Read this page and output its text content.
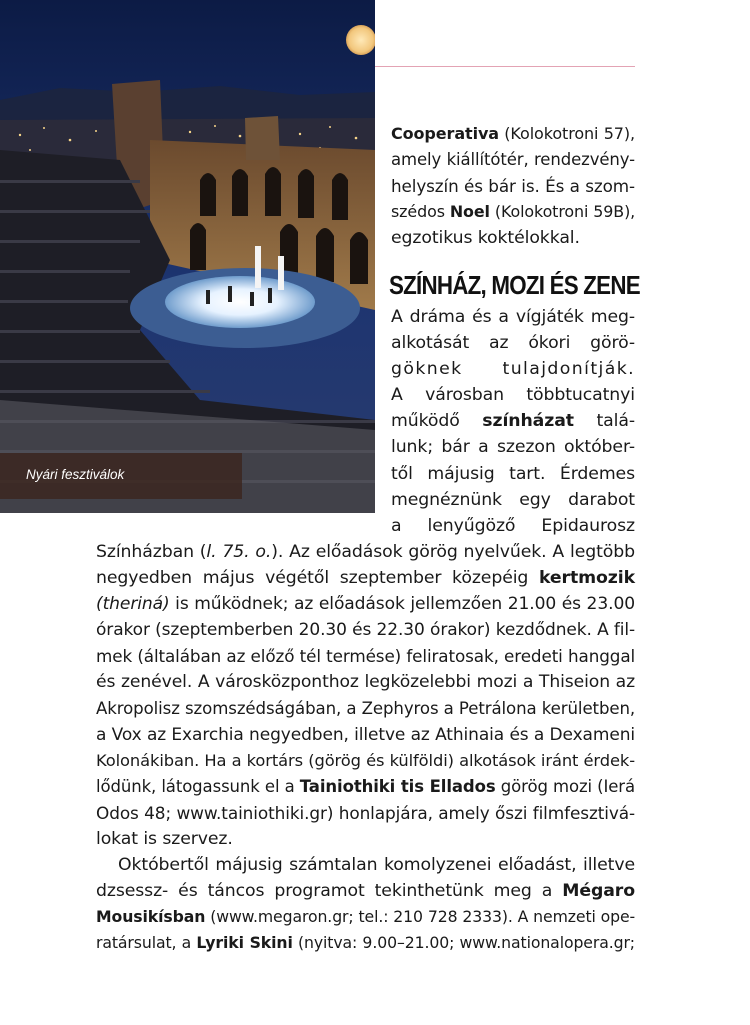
Nyári fesztiválok
Cooperativa (Kolokotroni 57),
amely kiállítótér, rendezvény-
helyszín és bár is. És a szom-
szédos Noel (Kolokotroni 59B),
egzotikus koktélokkal.
SZÍNHÁZ, MOZI ÉS ZENE
A dráma és a vígjáték meg-
alkotását az ókori görö-
göknek tulajdonítják.
A városban többtucatnyi
működő színházat talá-
lunk; bár a szezon október-
től májusig tart. Érdemes
megnéznünk egy darabot
a lenyűgöző Epidaurosz
Színházban (l. 75. o.). Az előadások görög nyelvűek. A legtöbb
negyedben május végétől szeptember közepéig kertmozik
(theriná) is működnek; az előadások jellemzően 21.00 és 23.00
órakor (szeptemberben 20.30 és 22.30 órakor) kezdődnek. A fil-
mek (általában az előző tél termése) feliratosak, eredeti hanggal
és zenével. A városközponthoz legközelebbi mozi a Thiseion az
Akropolisz szomszédságában, a Zephyros a Petrálona kerületben,
a Vox az Exarchia negyedben, illetve az Athinaia és a Dexameni
Kolonákiban. Ha a kortárs (görög és külföldi) alkotások iránt érdek-
lődünk, látogassunk el a Tainiothiki tis Ellados görög mozi (Ierá
Odos 48; www.tainiothiki.gr) honlapjára, amely őszi filmfesztivá-
lokat is szervez.
Októbertől májusig számtalan komolyzenei előadást, illetve
dzsessz- és táncos programot tekinthetünk meg a Mégaro
Mousikísban (www.megaron.gr; tel.: 210 728 2333). A nemzeti ope-
ratársulat, a Lyriki Skini (nyitva: 9.00–21.00; www.nationalopera.gr;
